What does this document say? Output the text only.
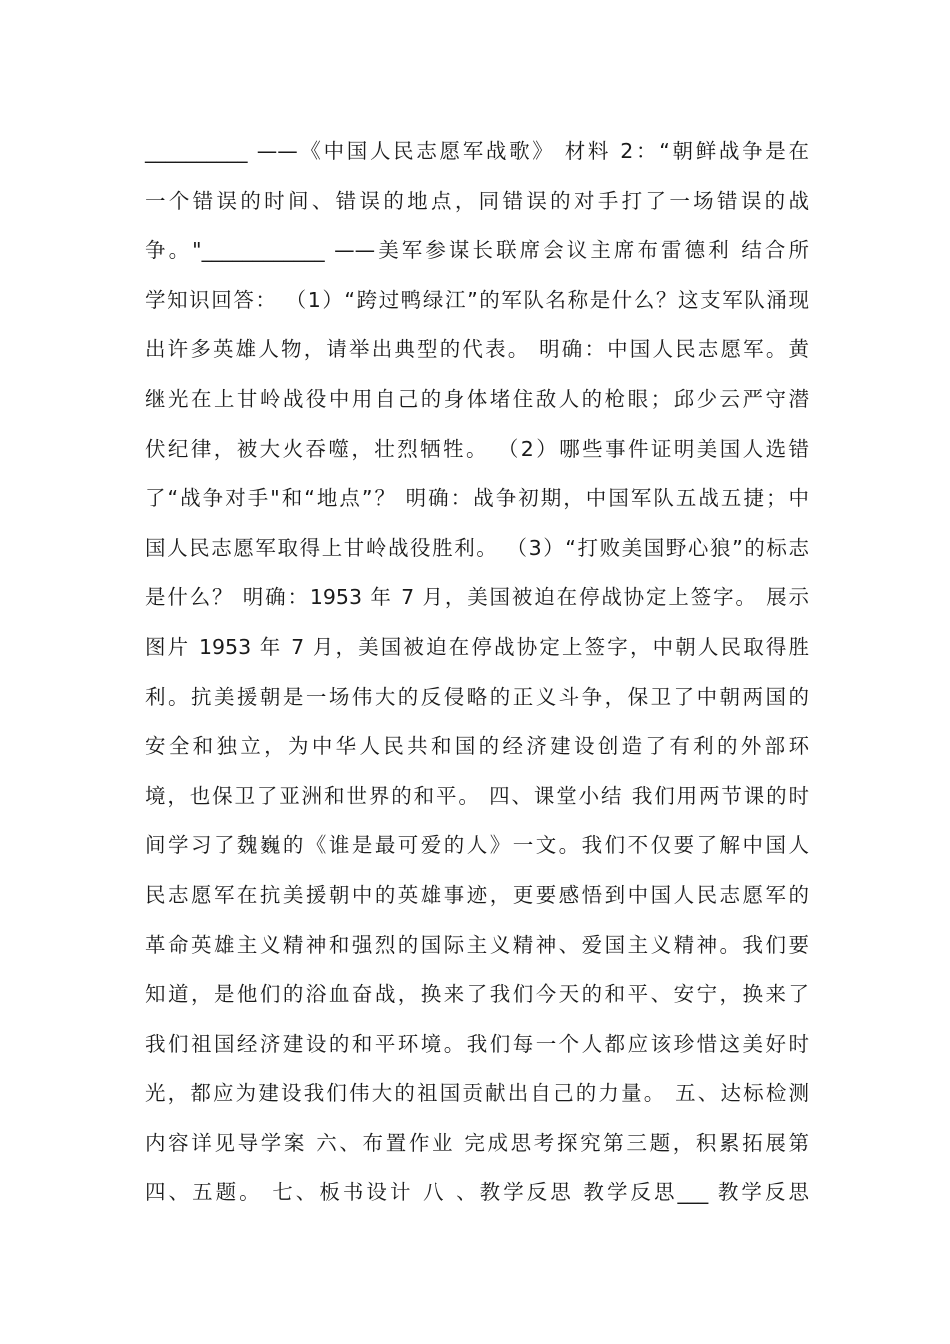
__________ ——《中国人民志愿军战歌》 材料 2：“朝鲜战争是在
一个错误的时间、错误的地点，同错误的对手打了一场错误的战
争。"____________ ——美军参谋长联席会议主席布雷德利 结合所
学知识回答： （1）“跨过鸭绿江”的军队名称是什么？这支军队涌现
出许多英雄人物，请举出典型的代表。 明确：中国人民志愿军。黄
继光在上甘岭战役中用自己的身体堵住敌人的枪眼；邱少云严守潜
伏纪律，被大火吞噬，壮烈牺牲。 （2）哪些事件证明美国人选错
了“战争对手"和“地点”？ 明确：战争初期，中国军队五战五捷；中
国人民志愿军取得上甘岭战役胜利。 （3）“打败美国野心狼”的标志
是什么？ 明确：1953 年 7 月，美国被迫在停战协定上签字。 展示
图片 1953 年 7 月，美国被迫在停战协定上签字，中朝人民取得胜
利。抗美援朝是一场伟大的反侵略的正义斗争，保卫了中朝两国的
安全和独立，为中华人民共和国的经济建设创造了有利的外部环
境，也保卫了亚洲和世界的和平。 四、课堂小结 我们用两节课的时
间学习了魏巍的《谁是最可爱的人》一文。我们不仅要了解中国人
民志愿军在抗美援朝中的英雄事迹，更要感悟到中国人民志愿军的
革命英雄主义精神和强烈的国际主义精神、爱国主义精神。我们要
知道，是他们的浴血奋战，换来了我们今天的和平、安宁，换来了
我们祖国经济建设的和平环境。我们每一个人都应该珍惜这美好时
光，都应为建设我们伟大的祖国贡献出自己的力量。 五、达标检测
内容详见导学案 六、布置作业 完成思考探究第三题，积累拓展第
四、五题。 七、板书设计 八 、教学反思 教学反思___ 教学反思
